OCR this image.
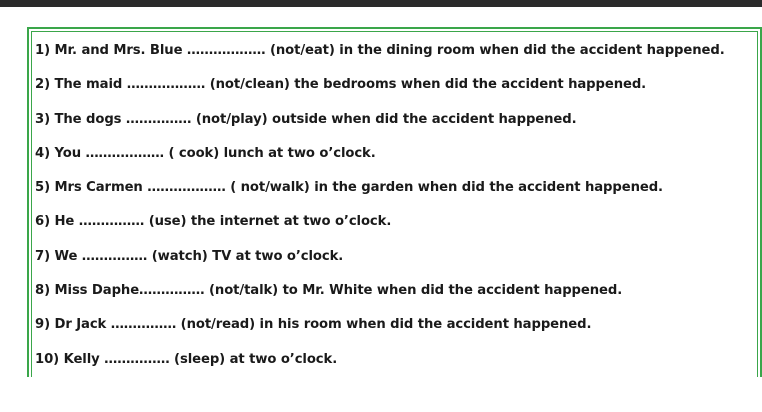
1) Mr. and Mrs. Blue ……………… (not/eat) in the dining room when did the accident happened.
2) The maid ……………… (not/clean) the bedrooms when did the accident happened.
3) The dogs …………… (not/play) outside when did the accident happened.
4) You ……………… ( cook) lunch at two o’clock.
5) Mrs Carmen ……………… ( not/walk) in the garden when did the accident happened.
6) He …………… (use) the internet at two o’clock.
7) We …………… (watch) TV at two o’clock.
8) Miss Daphe…………… (not/talk) to Mr. White when did the accident happened.
9) Dr Jack …………… (not/read) in his room when did the accident happened.
10) Kelly …………… (sleep) at two o’clock.
